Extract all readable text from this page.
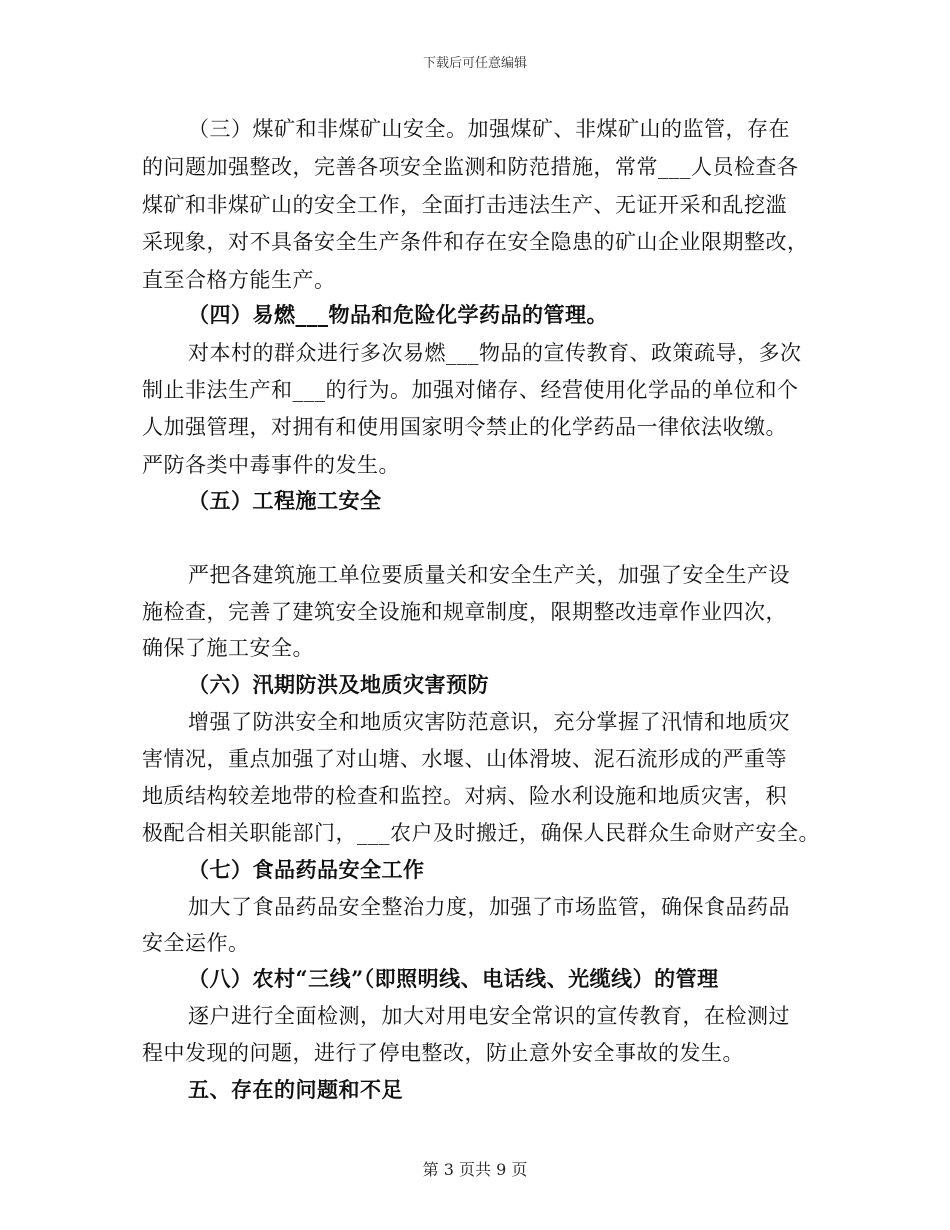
下载后可任意编辑
（三）煤矿和非煤矿山安全。加强煤矿、非煤矿山的监管，存在
的问题加强整改，完善各项安全监测和防范措施，常常___人员检查各
煤矿和非煤矿山的安全工作，全面打击违法生产、无证开采和乱挖滥
采现象，对不具备安全生产条件和存在安全隐患的矿山企业限期整改，
直至合格方能生产。
（四）易燃___物品和危险化学药品的管理。
对本村的群众进行多次易燃___物品的宣传教育、政策疏导，多次
制止非法生产和___的行为。加强对储存、经营使用化学品的单位和个
人加强管理，对拥有和使用国家明令禁止的化学药品一律依法收缴。
严防各类中毒事件的发生。
（五）工程施工安全
严把各建筑施工单位要质量关和安全生产关，加强了安全生产设
施检查，完善了建筑安全设施和规章制度，限期整改违章作业四次，
确保了施工安全。
（六）汛期防洪及地质灾害预防
增强了防洪安全和地质灾害防范意识，充分掌握了汛情和地质灾
害情况，重点加强了对山塘、水堰、山体滑坡、泥石流形成的严重等
地质结构较差地带的检查和监控。对病、险水利设施和地质灾害，积
极配合相关职能部门，___农户及时搬迁，确保人民群众生命财产安全。
（七）食品药品安全工作
加大了食品药品安全整治力度，加强了市场监管，确保食品药品
安全运作。
（八）农村“三线”（即照明线、电话线、光缆线）的管理
逐户进行全面检测，加大对用电安全常识的宣传教育，在检测过
程中发现的问题，进行了停电整改，防止意外安全事故的发生。
五、存在的问题和不足
第 3 页共 9 页
